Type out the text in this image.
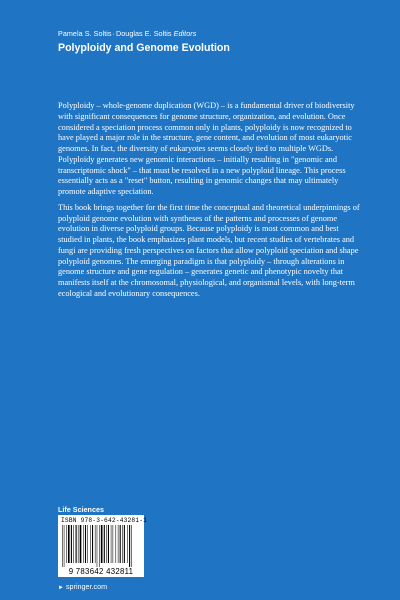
Pamela S. Soltis·Douglas E. Soltis Editors
Polyploidy and Genome Evolution

Polyploidy – whole-genome duplication (WGD) – is a fundamental driver of biodiversity with significant consequences for genome structure, organization, and evolution. Once considered a speciation process common only in plants, polyploidy is now recognized to have played a major role in the structure, gene content, and evolution of most eukaryotic genomes. In fact, the diversity of eukaryotes seems closely tied to multiple WGDs. Polyploidy generates new genomic interactions – initially resulting in "genomic and transcriptomic shock" – that must be resolved in a new polyploid lineage. This process essentially acts as a "reset" button, resulting in genomic changes that may ultimately promote adaptive speciation.

This book brings together for the first time the conceptual and theoretical underpinnings of polyploid genome evolution with syntheses of the patterns and processes of genome evolution in diverse polyploid groups. Because polyploidy is most common and best studied in plants, the book emphasizes plant models, but recent studies of vertebrates and fungi are providing fresh perspectives on factors that allow polyploid speciation and shape polyploid genomes. The emerging paradigm is that polyploidy – through alterations in genome structure and gene regulation – generates genetic and phenotypic novelty that manifests itself at the chromosomal, physiological, and organismal levels, with long-term ecological and evolutionary consequences.

Life Sciences
ISBN 978-3-642-43281-1
9 783642 432811
► springer.com
